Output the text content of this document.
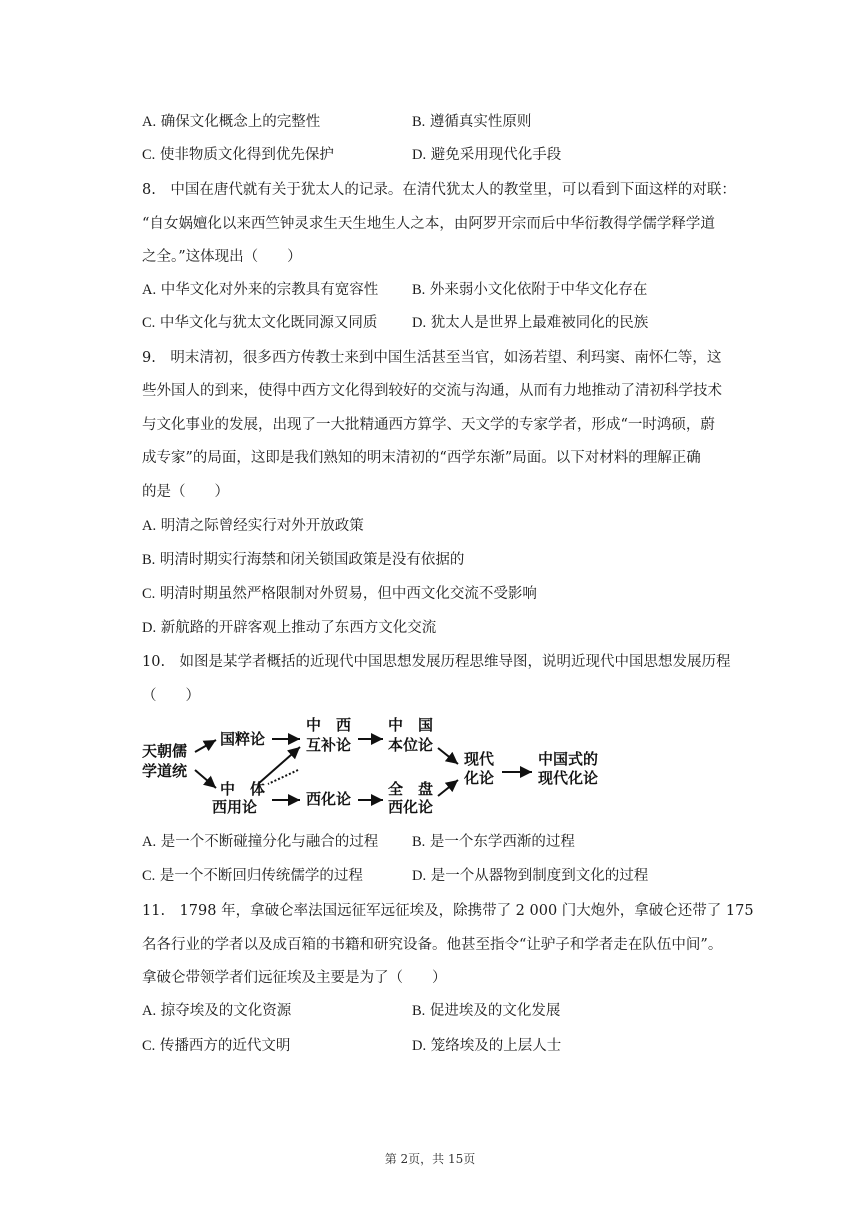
A. 确保文化概念上的完整性	B. 遵循真实性原则
C. 使非物质文化得到优先保护	D. 避免采用现代化手段
8.　中国在唐代就有关于犹太人的记录。在清代犹太人的教堂里，可以看到下面这样的对联：
“自女娲嬗化以来西竺钟灵求生天生地生人之本，由阿罗开宗而后中华衍教得学儒学释学道
之全。”这体现出（　　）
A. 中华文化对外来的宗教具有宽容性 B. 外来弱小文化依附于中华文化存在
C. 中华文化与犹太文化既同源又同质 D. 犹太人是世界上最难被同化的民族
9.　明末清初，很多西方传教士来到中国生活甚至当官，如汤若望、利玛窦、南怀仁等，这
些外国人的到来，使得中西方文化得到较好的交流与沟通，从而有力地推动了清初科学技术
与文化事业的发展，出现了一大批精通西方算学、天文学的专家学者，形成“一时鸿硕，蔚
成专家”的局面，这即是我们熟知的明末清初的“西学东渐”局面。以下对材料的理解正确
的是（　　）
A. 明清之际曾经实行对外开放政策
B. 明清时期实行海禁和闭关锁国政策是没有依据的
C. 明清时期虽然严格限制对外贸易，但中西文化交流不受影响
D. 新航路的开辟客观上推动了东西方文化交流
10.　如图是某学者概括的近现代中国思想发展历程思维导图，说明近现代中国思想发展历程
（　　）
天朝儒
学道统
国粹论
中　体
西用论
中　西
互补论
西化论
中　国
本位论
全　盘
西化论
现代
化论
中国式的
现代化论
A. 是一个不断碰撞分化与融合的过程 B. 是一个东学西渐的过程
C. 是一个不断回归传统儒学的过程	D. 是一个从器物到制度到文化的过程
11.　1798 年，拿破仑率法国远征军远征埃及，除携带了 2 000 门大炮外，拿破仑还带了 175
名各行业的学者以及成百箱的书籍和研究设备。他甚至指令“让驴子和学者走在队伍中间”。
拿破仑带领学者们远征埃及主要是为了（　　）
A. 掠夺埃及的文化资源	B. 促进埃及的文化发展
C. 传播西方的近代文明	D. 笼络埃及的上层人士
第 2页，共 15页
